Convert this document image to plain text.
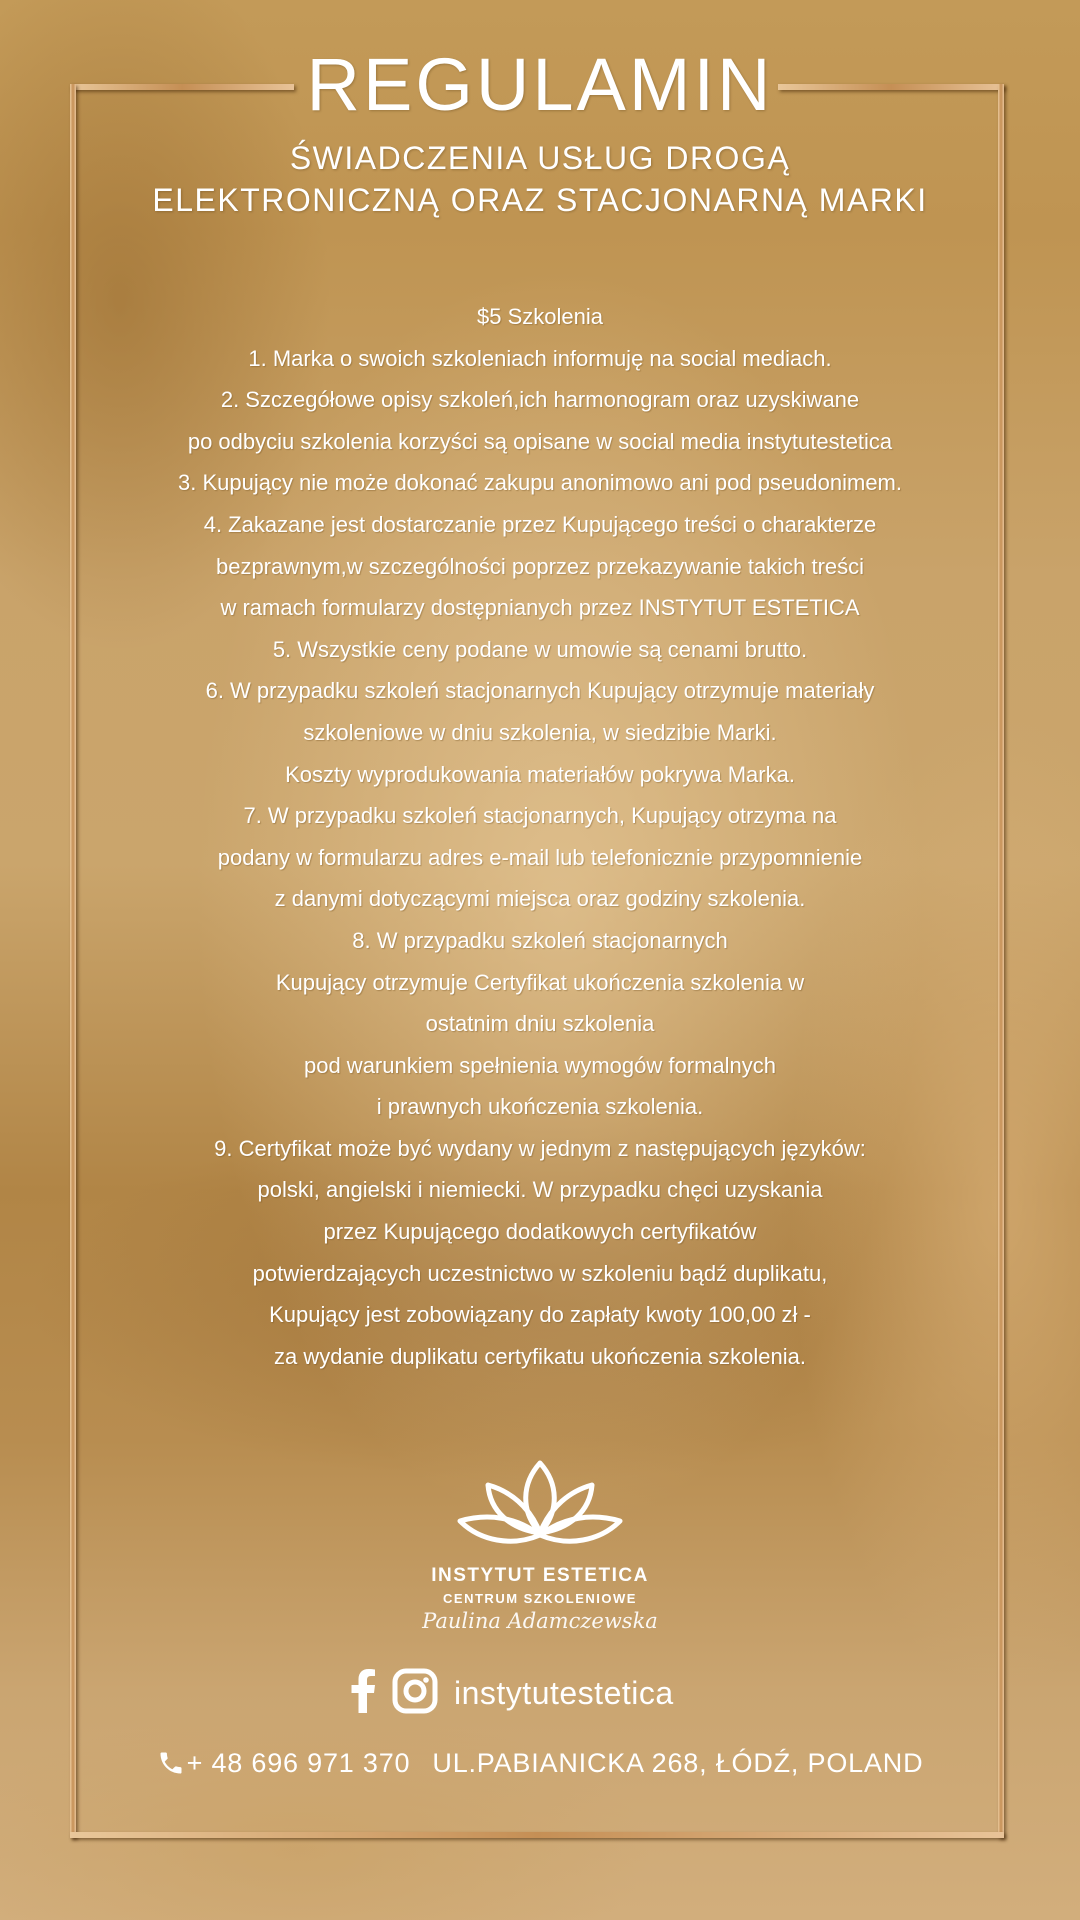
REGULAMIN
ŚWIADCZENIA USŁUG DROGĄ
ELEKTRONICZNĄ ORAZ STACJONARNĄ MARKI
$5 Szkolenia
1. Marka o swoich szkoleniach informuję na social mediach.
2. Szczegółowe opisy szkoleń,ich harmonogram oraz uzyskiwane
po odbyciu szkolenia korzyści są opisane w social media instytutestetica
3. Kupujący nie może dokonać zakupu anonimowo ani pod pseudonimem.
4. Zakazane jest dostarczanie przez Kupującego treści o charakterze
bezprawnym,w szczególności poprzez przekazywanie takich treści
w ramach formularzy dostępnianych przez INSTYTUT ESTETICA
5. Wszystkie ceny podane w umowie są cenami brutto.
6. W przypadku szkoleń stacjonarnych Kupujący otrzymuje materiały
szkoleniowe w dniu szkolenia, w siedzibie Marki.
Koszty wyprodukowania materiałów pokrywa Marka.
7. W przypadku szkoleń stacjonarnych, Kupujący otrzyma na
podany w formularzu adres e-mail lub telefonicznie przypomnienie
z danymi dotyczącymi miejsca oraz godziny szkolenia.
8. W przypadku szkoleń stacjonarnych
Kupujący otrzymuje Certyfikat ukończenia szkolenia w
ostatnim dniu szkolenia
pod warunkiem spełnienia wymogów formalnych
i prawnych ukończenia szkolenia.
9. Certyfikat może być wydany w jednym z następujących języków:
polski, angielski i niemiecki. W przypadku chęci uzyskania
przez Kupującego dodatkowych certyfikatów
potwierdzających uczestnictwo w szkoleniu bądź duplikatu,
Kupujący jest zobowiązany do zapłaty kwoty 100,00 zł -
za wydanie duplikatu certyfikatu ukończenia szkolenia.
INSTYTUT ESTETICA
CENTRUM SZKOLENIOWE
Paulina Adamczewska
instytutestetica
+ 48 696 971 370 UL.PABIANICKA 268, ŁÓDŹ, POLAND
